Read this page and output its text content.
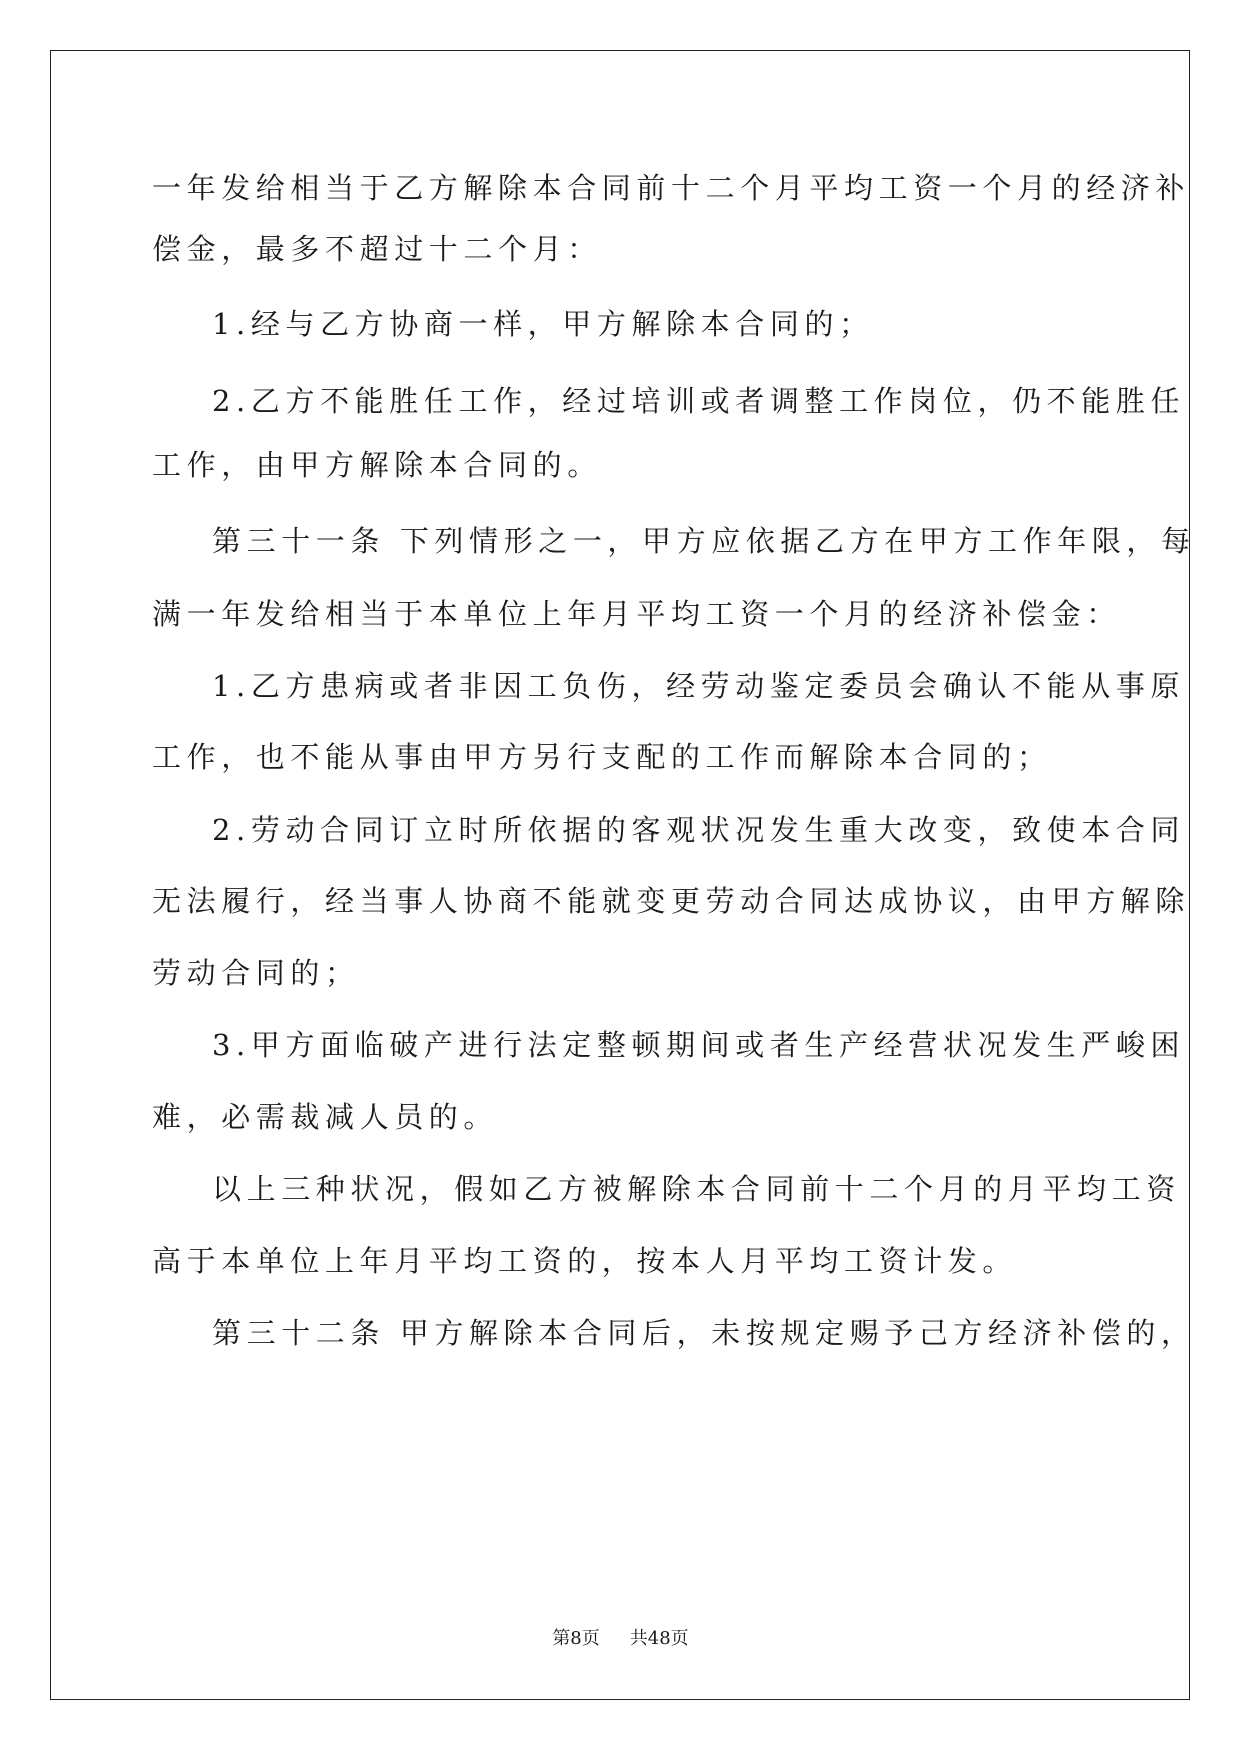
一年发给相当于乙方解除本合同前十二个月平均工资一个月的经济补
偿金，最多不超过十二个月：
1.经与乙方协商一样，甲方解除本合同的；
2.乙方不能胜任工作，经过培训或者调整工作岗位，仍不能胜任
工作，由甲方解除本合同的。
第三十一条 下列情形之一，甲方应依据乙方在甲方工作年限，每
满一年发给相当于本单位上年月平均工资一个月的经济补偿金：
1.乙方患病或者非因工负伤，经劳动鉴定委员会确认不能从事原
工作，也不能从事由甲方另行支配的工作而解除本合同的；
2.劳动合同订立时所依据的客观状况发生重大改变，致使本合同
无法履行，经当事人协商不能就变更劳动合同达成协议，由甲方解除
劳动合同的；
3.甲方面临破产进行法定整顿期间或者生产经营状况发生严峻困
难，必需裁减人员的。
以上三种状况，假如乙方被解除本合同前十二个月的月平均工资
高于本单位上年月平均工资的，按本人月平均工资计发。
第三十二条 甲方解除本合同后，未按规定赐予己方经济补偿的，
第8页 共48页
